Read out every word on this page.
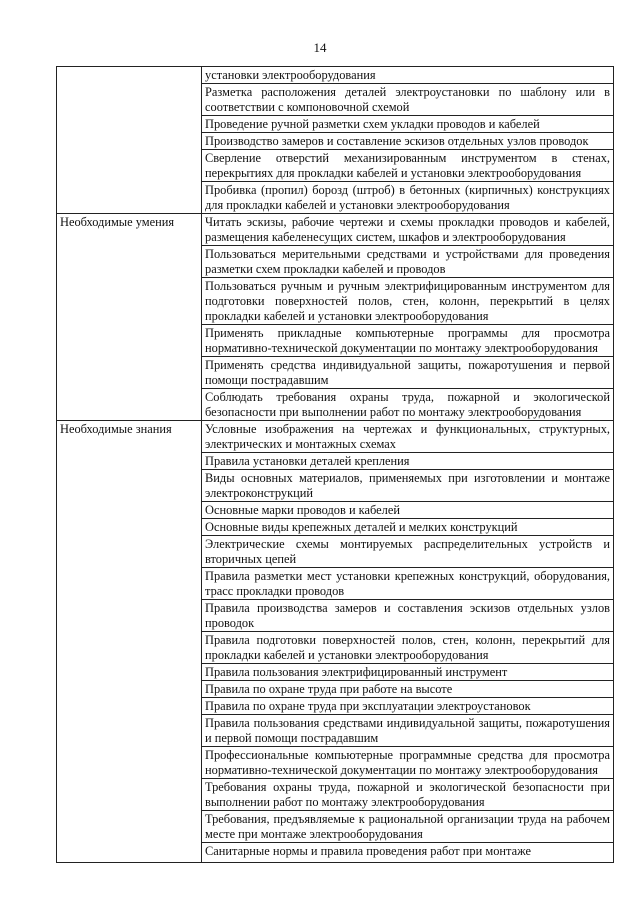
14
	установки электрооборудования
	Разметка расположения деталей электроустановки по шаблону или в соответствии с компоновочной схемой
	Проведение ручной разметки схем укладки проводов и кабелей
	Производство замеров и составление эскизов отдельных узлов проводок
	Сверление отверстий механизированным инструментом в стенах, перекрытиях для прокладки кабелей и установки электрооборудования
	Пробивка (пропил) борозд (штроб) в бетонных (кирпичных) конструкциях для прокладки кабелей и установки электрооборудования
Необходимые умения	Читать эскизы, рабочие чертежи и схемы прокладки проводов и кабелей, размещения кабеленесущих систем, шкафов и электрооборудования
	Пользоваться мерительными средствами и устройствами для проведения разметки схем прокладки кабелей и проводов
	Пользоваться ручным и ручным электрифицированным инструментом для подготовки поверхностей полов, стен, колонн, перекрытий в целях прокладки кабелей и установки электрооборудования
	Применять прикладные компьютерные программы для просмотра нормативно-технической документации по монтажу электрооборудования
	Применять средства индивидуальной защиты, пожаротушения и первой помощи пострадавшим
	Соблюдать требования охраны труда, пожарной и экологической безопасности при выполнении работ по монтажу электрооборудования
Необходимые знания	Условные изображения на чертежах и функциональных, структурных, электрических и монтажных схемах
	Правила установки деталей крепления
	Виды основных материалов, применяемых при изготовлении и монтаже электроконструкций
	Основные марки проводов и кабелей
	Основные виды крепежных деталей и мелких конструкций
	Электрические схемы монтируемых распределительных устройств и вторичных цепей
	Правила разметки мест установки крепежных конструкций, оборудования, трасс прокладки проводов
	Правила производства замеров и составления эскизов отдельных узлов проводок
	Правила подготовки поверхностей полов, стен, колонн, перекрытий для прокладки кабелей и установки электрооборудования
	Правила пользования электрифицированный инструмент
	Правила по охране труда при работе на высоте
	Правила по охране труда при эксплуатации электроустановок
	Правила пользования средствами индивидуальной защиты, пожаротушения и первой помощи пострадавшим
	Профессиональные компьютерные программные средства для просмотра нормативно-технической документации по монтажу электрооборудования
	Требования охраны труда, пожарной и экологической безопасности при выполнении работ по монтажу электрооборудования
	Требования, предъявляемые к рациональной организации труда на рабочем месте при монтаже электрооборудования
	Санитарные нормы и правила проведения работ при монтаже
